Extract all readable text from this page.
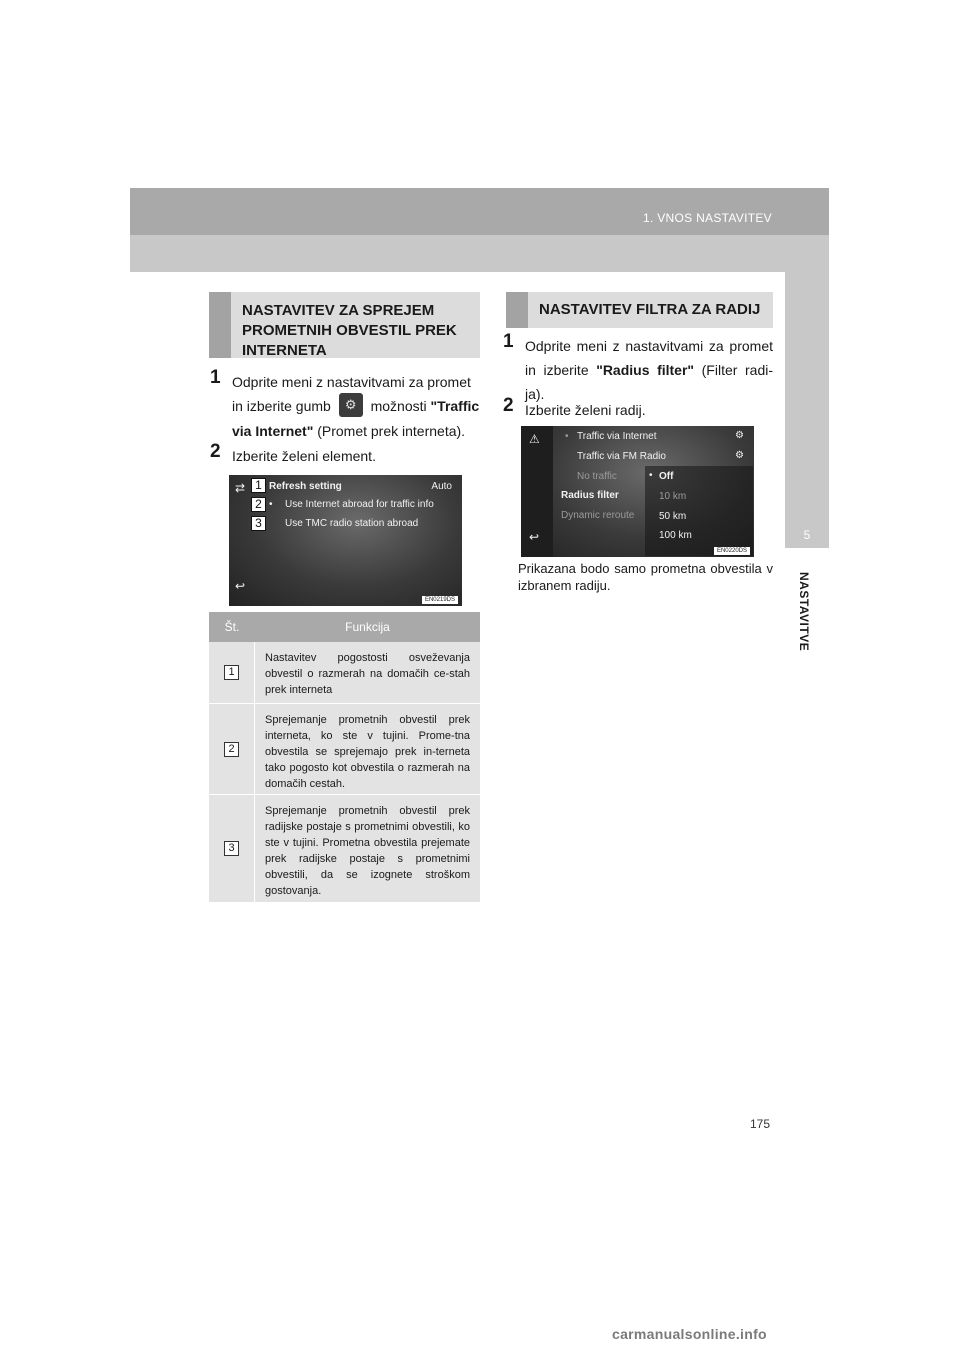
1. VNOS NASTAVITEV
5
NASTAVITVE
NASTAVITEV ZA SPREJEM PROMETNIH OBVESTIL PREK INTERNETA
1 Odprite meni z nastavitvami za promet in izberite gumb	⚙	možnosti "Traffic via Internet" (Promet prek interneta).
2 Izberite želeni element.
⇄ Refresh setting	Auto
• Use Internet abroad for traffic info
Use TMC radio station abroad
↩
EN0219DS
1
2
3
Št.	Funkcija
1
Nastavitev pogostosti osveževanja obvestil o razmerah na domačih ce-stah prek interneta
2
Sprejemanje prometnih obvestil prek interneta, ko ste v tujini. Prome-tna obvestila se sprejemajo prek in-terneta tako pogosto kot obvestila o razmerah na domačih cestah.
3
Sprejemanje prometnih obvestil prek radijske postaje s prometnimi obvestili, ko ste v tujini. Prometna obvestila prejemate prek radijske postaje s prometnimi obvestili, da se izognete stroškom gostovanja.
NASTAVITEV FILTRA ZA RADIJ
1 Odprite meni z nastavitvami za promet in izberite "Radius filter" (Filter radi-ja).
2 Izberite želeni radij.
⚠	• Traffic via Internet	⚙
Traffic via FM Radio	⚙
No traffic
Radius filter
Dynamic reroute
• Off
10 km
50 km
100 km
↩
EN0220DS
Prikazana bodo samo prometna obvestila v izbranem radiju.
175
carmanualsonline.info
